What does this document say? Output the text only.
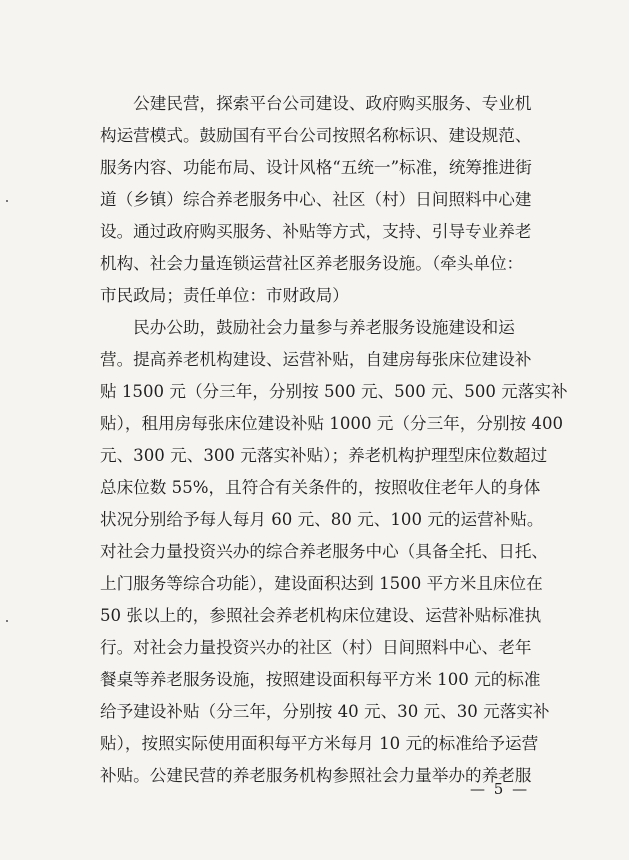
　　公建民营，探索平台公司建设、政府购买服务、专业机
构运营模式。鼓励国有平台公司按照名称标识、建设规范、
服务内容、功能布局、设计风格“五统一”标准，统筹推进街
道（乡镇）综合养老服务中心、社区（村）日间照料中心建
设。通过政府购买服务、补贴等方式，支持、引导专业养老
机构、社会力量连锁运营社区养老服务设施。（牵头单位：
市民政局；责任单位：市财政局）
　　民办公助，鼓励社会力量参与养老服务设施建设和运
营。提高养老机构建设、运营补贴，自建房每张床位建设补
贴 1500 元（分三年，分别按 500 元、500 元、500 元落实补
贴），租用房每张床位建设补贴 1000 元（分三年，分别按 400
元、300 元、300 元落实补贴）；养老机构护理型床位数超过
总床位数 55%，且符合有关条件的，按照收住老年人的身体
状况分别给予每人每月 60 元、80 元、100 元的运营补贴。
对社会力量投资兴办的综合养老服务中心（具备全托、日托、
上门服务等综合功能），建设面积达到 1500 平方米且床位在
50 张以上的，参照社会养老机构床位建设、运营补贴标准执
行。对社会力量投资兴办的社区（村）日间照料中心、老年
餐桌等养老服务设施，按照建设面积每平方米 100 元的标准
给予建设补贴（分三年，分别按 40 元、30 元、30 元落实补
贴），按照实际使用面积每平方米每月 10 元的标准给予运营
补贴。公建民营的养老服务机构参照社会力量举办的养老服
— 5 —
